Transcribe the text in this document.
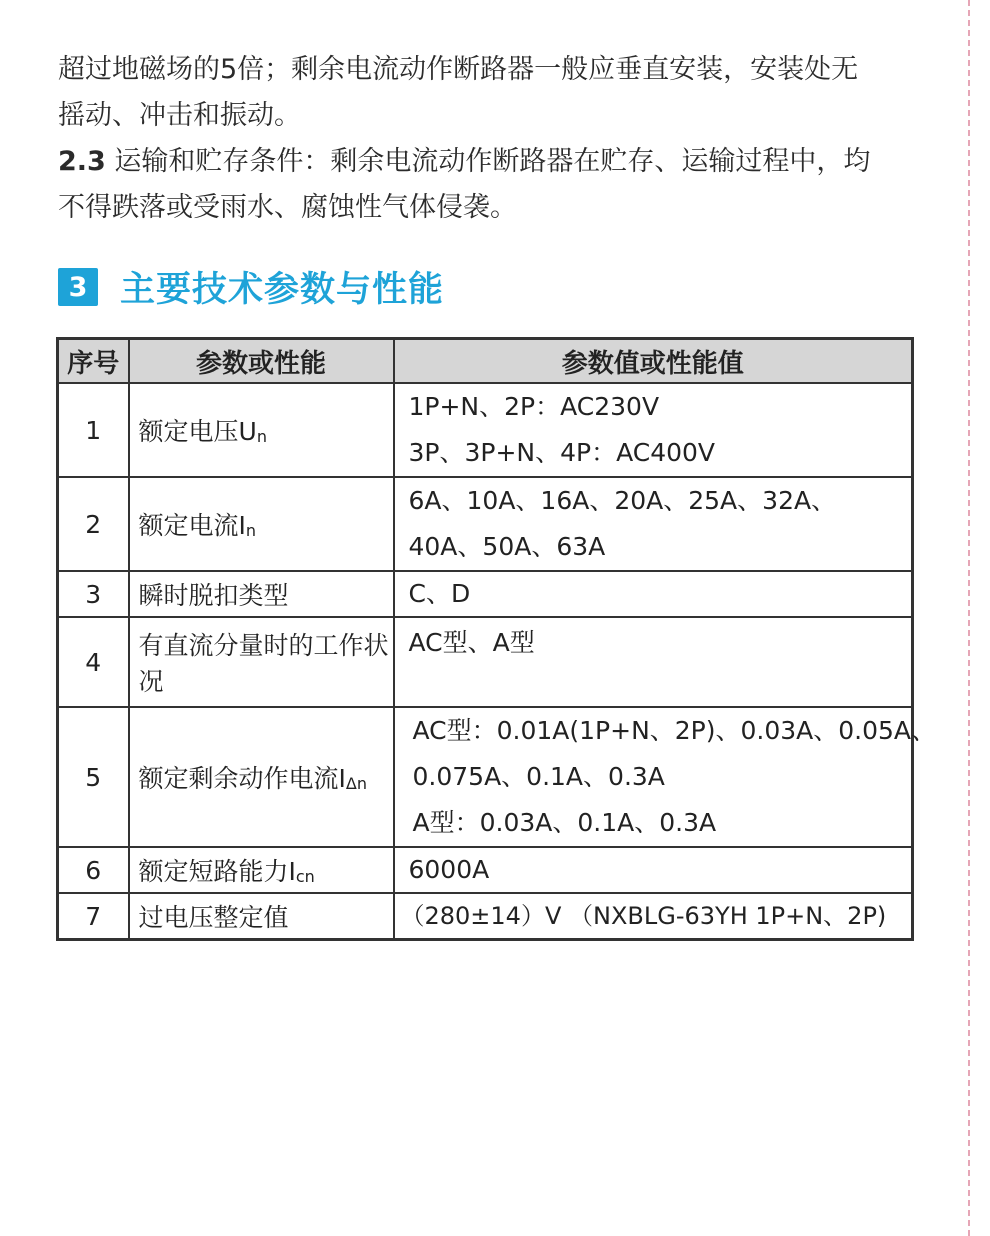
超过地磁场的5倍；剩余电流动作断路器一般应垂直安装，安装处无
摇动、冲击和振动。

2.3 运输和贮存条件：剩余电流动作断路器在贮存、运输过程中，均
不得跌落或受雨水、腐蚀性气体侵袭。

3 主要技术参数与性能
序号	参数或性能	参数值或性能值
1	额定电压$U_n$	1P+N、2P：AC230V
3P、3P+N、4P：AC400V

2	额定电流$I_n$	6A、10A、16A、20A、25A、32A、
40A、50A、63A

3	瞬时脱扣类型	C、D

4	有直流分量时的工作状况	AC型、A型

5	额定剩余动作电流$I_{\Delta n}$	AC型：0.01A(1P+N、2P)、0.03A、0.05A、
0.075A、0.1A、0.3A
A型：0.03A、0.1A、0.3A

6	额定短路能力$I_{cn}$	6000A

7	过电压整定值	（280±14）V （NXBLG-63YH 1P+N、2P)
